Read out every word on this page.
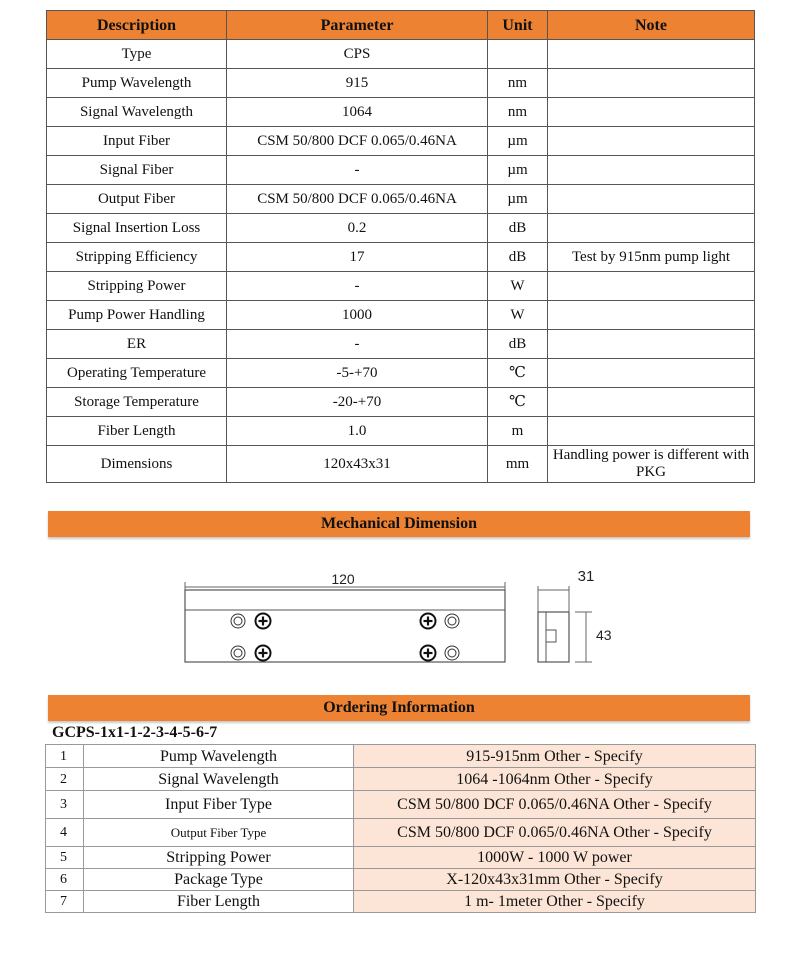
Description	Parameter	Unit	Note
Type	CPS		
Pump Wavelength	915	nm	
Signal Wavelength	1064	nm	
Input Fiber	CSM 50/800 DCF 0.065/0.46NA	µm	
Signal Fiber	-	µm	
Output Fiber	CSM 50/800 DCF 0.065/0.46NA	µm	
Signal Insertion Loss	0.2	dB	
Stripping Efficiency	17	dB	Test by 915nm pump light
Stripping Power	-	W	
Pump Power Handling	1000	W	
ER	-	dB	
Operating Temperature	-5-+70	℃	
Storage Temperature	-20-+70	℃	
Fiber Length	1.0	m	
Dimensions	120x43x31	mm	Handling power is different with PKG
Mechanical Dimension
120	31
43
Ordering Information
GCPS-1x1-1-2-3-4-5-6-7
1	Pump Wavelength	915-915nm Other - Specify
2	Signal Wavelength	1064 -1064nm Other - Specify
3	Input Fiber Type	CSM 50/800 DCF 0.065/0.46NA Other - Specify
4	Output Fiber Type	CSM 50/800 DCF 0.065/0.46NA Other - Specify
5	Stripping Power	1000W - 1000 W power
6	Package Type	X-120x43x31mm Other - Specify
7	Fiber Length	1 m- 1meter Other - Specify
